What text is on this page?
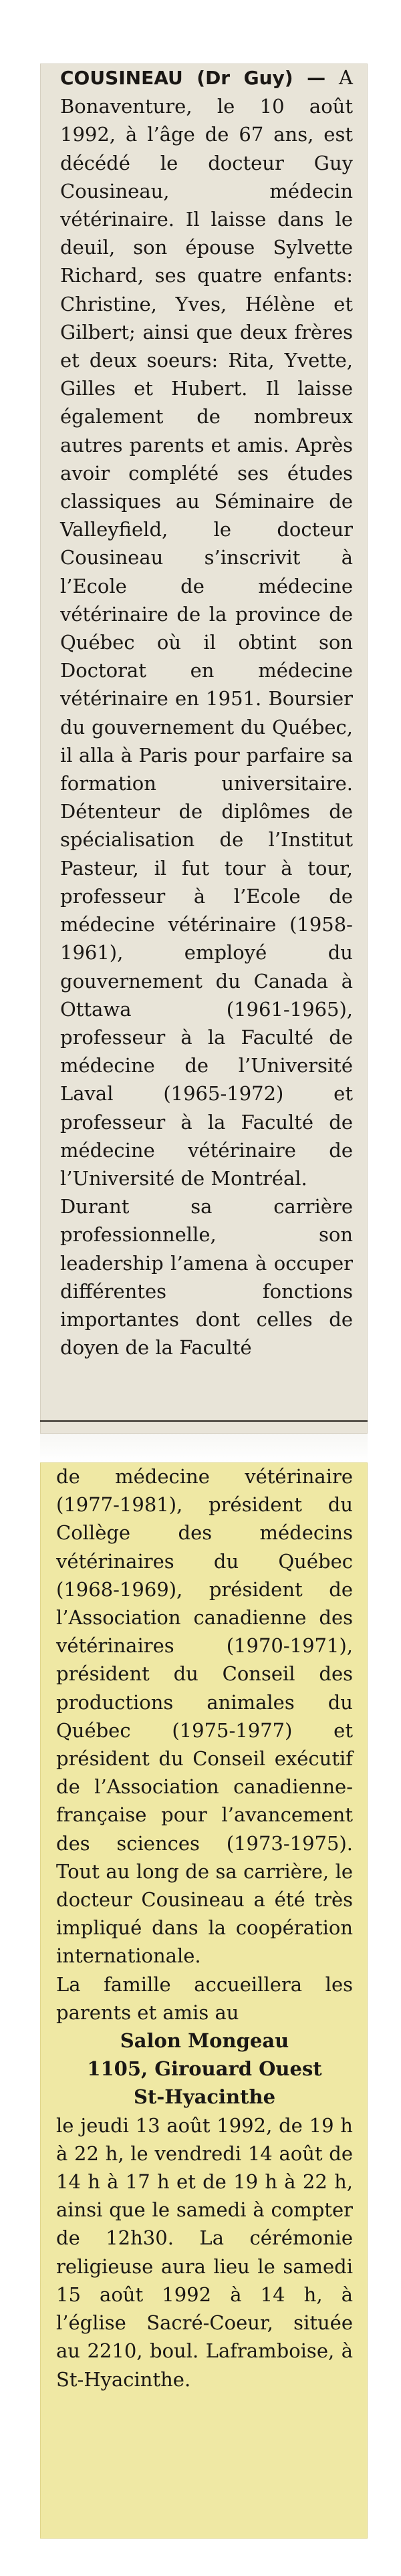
COUSINEAU (Dr Guy) — A Bonaventure, le 10 août 1992, à l’âge de 67 ans, est décédé le docteur Guy Cousineau, médecin vétérinaire. Il laisse dans le deuil, son épouse Sylvette Richard, ses quatre enfants: Christine, Yves, Hélène et Gilbert; ainsi que deux frères et deux soeurs: Rita, Yvette, Gilles et Hubert. Il laisse également de nombreux autres parents et amis. Après avoir complété ses études classiques au Séminaire de Valleyfield, le docteur Cousineau s’inscrivit à l’Ecole de médecine vétérinaire de la province de Québec où il obtint son Doctorat en médecine vétérinaire en 1951. Boursier du gouvernement du Québec, il alla à Paris pour parfaire sa formation universitaire. Détenteur de diplômes de spécialisation de l’Institut Pasteur, il fut tour à tour, professeur à l’Ecole de médecine vétérinaire (1958-1961), employé du gouvernement du Canada à Ottawa (1961-1965), professeur à la Faculté de médecine de l’Université Laval (1965-1972) et professeur à la Faculté de médecine vétérinaire de l’Université de Montréal.

Durant sa carrière professionnelle, son leadership l’amena à occuper différentes fonctions importantes dont celles de doyen de la Faculté

de médecine vétérinaire (1977-1981), président du Collège des médecins vétérinaires du Québec (1968-1969), président de l’Association canadienne des vétérinaires (1970-1971), président du Conseil des productions animales du Québec (1975-1977) et président du Conseil exécutif de l’Association canadienne-française pour l’avancement des sciences (1973-1975). Tout au long de sa carrière, le docteur Cousineau a été très impliqué dans la coopération internationale.

La famille accueillera les parents et amis au

Salon Mongeau

1105, Girouard Ouest

St-Hyacinthe

le jeudi 13 août 1992, de 19 h à 22 h, le vendredi 14 août de 14 h à 17 h et de 19 h à 22 h, ainsi que le samedi à compter de 12h30. La cérémonie religieuse aura lieu le samedi 15 août 1992 à 14 h, à l’église Sacré-Coeur, située au 2210, boul. Laframboise, à St-Hyacinthe.
